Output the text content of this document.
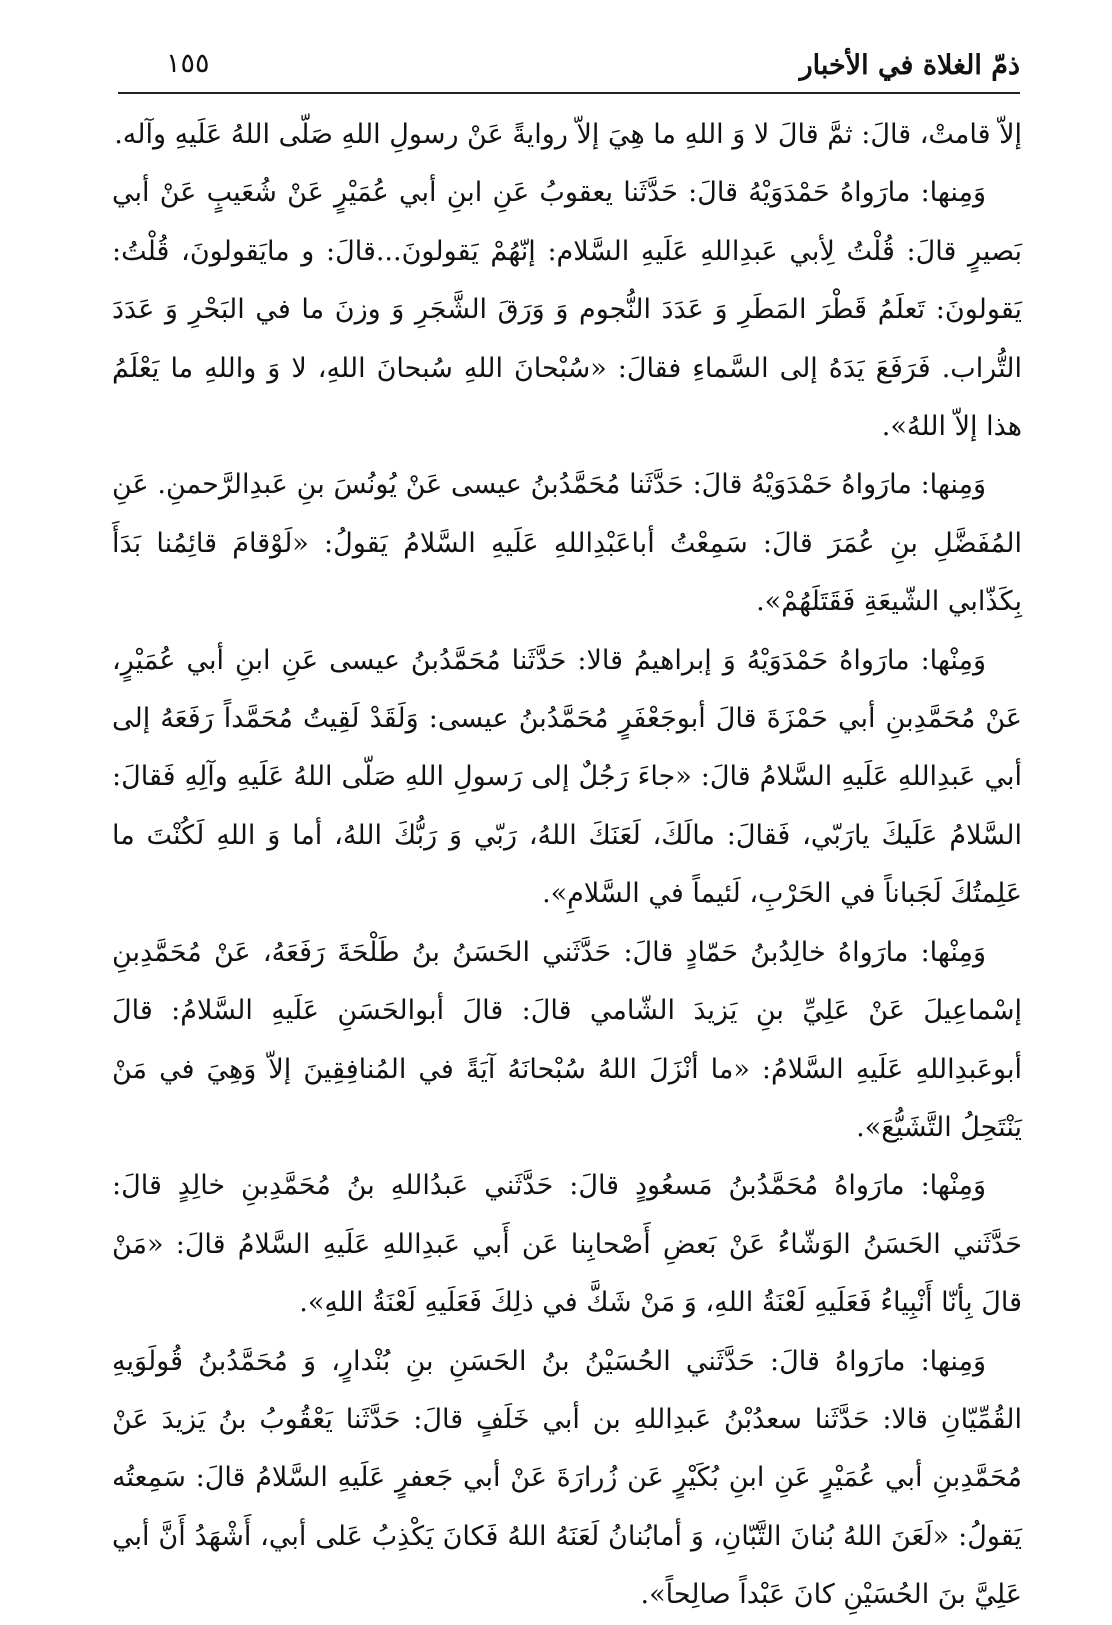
١٥٥	ذمّ الغلاة في الأخبار

إلاّ قامتْ، قالَ: ثمَّ قالَ لا وَ اللهِ ما هِيَ إلاّ روايةً عَنْ رسولِ اللهِ صَلّى اللهُ عَلَيهِ وآله.

وَمِنها: مارَواهُ حَمْدَوَيْهُ قالَ: حَدَّثَنا يعقوبُ عَنِ ابنِ أبي عُمَيْرٍ عَنْ شُعَيبٍ عَنْ أبي بَصيرٍ قالَ: قُلْتُ لِأبي عَبدِاللهِ عَلَيهِ السَّلام: إنّهُمْ يَقولونَ...قالَ: و مايَقولونَ، قُلْتُ: يَقولونَ: تَعلَمُ قَطْرَ المَطَرِ وَ عَدَدَ النُّجوم وَ وَرَقَ الشَّجَرِ وَ وزنَ ما في البَحْرِ وَ عَدَدَ التُّراب. فَرَفَعَ يَدَهُ إلى السَّماءِ فقالَ: «سُبْحانَ اللهِ سُبحانَ اللهِ، لا وَ واللهِ ما يَعْلَمُ هذا إلاّ اللهُ».

وَمِنها: مارَواهُ حَمْدَوَيْهُ قالَ: حَدَّثَنا مُحَمَّدُبنُ عيسى عَنْ يُونُسَ بنِ عَبدِالرَّحمنِ. عَنِ المُفَضَّلِ بنِ عُمَرَ قالَ: سَمِعْتُ أباعَبْدِاللهِ عَلَيهِ السَّلامُ يَقولُ: «لَوْقامَ قائِمُنا بَدَأَ بِكَذّابي الشّيعَةِ فَقَتَلَهُمْ».

وَمِنْها: مارَواهُ حَمْدَوَيْهُ وَ إبراهيمُ قالا: حَدَّثَنا مُحَمَّدُبنُ عيسى عَنِ ابنِ أبي عُمَيْرٍ، عَنْ مُحَمَّدِبنِ أبي حَمْزَةَ قالَ أبوجَعْفَرٍ مُحَمَّدُبنُ عيسى: وَلَقَدْ لَقِيتُ مُحَمَّداً رَفَعَهُ إلى أبي عَبدِاللهِ عَلَيهِ السَّلامُ قالَ: «جاءَ رَجُلٌ إلى رَسولِ اللهِ صَلّى اللهُ عَلَيهِ وآلِهِ فَقالَ: السَّلامُ عَلَيكَ يارَبّي، فَقالَ: مالَكَ، لَعَنَكَ اللهُ، رَبّي وَ رَبُّكَ اللهُ، أما وَ اللهِ لَكُنْتَ ما عَلِمتُكَ لَجَباناً في الحَرْبِ، لَئيماً في السَّلامِ».

وَمِنْها: مارَواهُ خالِدُبنُ حَمّادٍ قالَ: حَدَّثَني الحَسَنُ بنُ طَلْحَةَ رَفَعَهُ، عَنْ مُحَمَّدِبنِ إسْماعِيلَ عَنْ عَلِيِّ بنِ يَزيدَ الشّامي قالَ: قالَ أبوالحَسَنِ عَلَيهِ السَّلامُ: قالَ أبوعَبدِاللهِ عَلَيهِ السَّلامُ: «ما أنْزَلَ اللهُ سُبْحانَهُ آيَةً في المُنافِقِينَ إلاّ وَهِيَ في مَنْ يَنْتَحِلُ التَّشَيُّعَ».

وَمِنْها: مارَواهُ مُحَمَّدُبنُ مَسعُودٍ قالَ: حَدَّثَني عَبدُاللهِ بنُ مُحَمَّدِبنِ خالِدٍ قالَ: حَدَّثَني الحَسَنُ الوَشّاءُ عَنْ بَعضِ أَصْحابِنا عَن أَبي عَبدِاللهِ عَلَيهِ السَّلامُ قالَ: «مَنْ قالَ بِأنّا أَنْبِياءُ فَعَلَيهِ لَعْنَةُ اللهِ، وَ مَنْ شَكَّ في ذلِكَ فَعَلَيهِ لَعْنَةُ اللهِ».

وَمِنها: مارَواهُ قالَ: حَدَّثَني الحُسَيْنُ بنُ الحَسَنِ بنِ بُنْدارٍ، وَ مُحَمَّدُبنُ قُولَوَيهِ القُمِّيّانِ قالا: حَدَّثَنا سعدُبْنُ عَبدِاللهِ بن أبي خَلَفٍ قالَ: حَدَّثَنا يَعْقُوبُ بنُ يَزيدَ عَنْ مُحَمَّدِبنِ أبي عُمَيْرٍ عَنِ ابنِ بُكَيْرٍ عَن زُرارَةَ عَنْ أبي جَعفرٍ عَلَيهِ السَّلامُ قالَ: سَمِعتُه يَقولُ: «لَعَنَ اللهُ بُنانَ التَّبّانِ، وَ أمابُنانُ لَعَنَهُ اللهُ فَكانَ يَكْذِبُ عَلى أبي، أَشْهَدُ أَنَّ أبي عَلِيَّ بنَ الحُسَيْنِ كانَ عَبْداً صالِحاً».
